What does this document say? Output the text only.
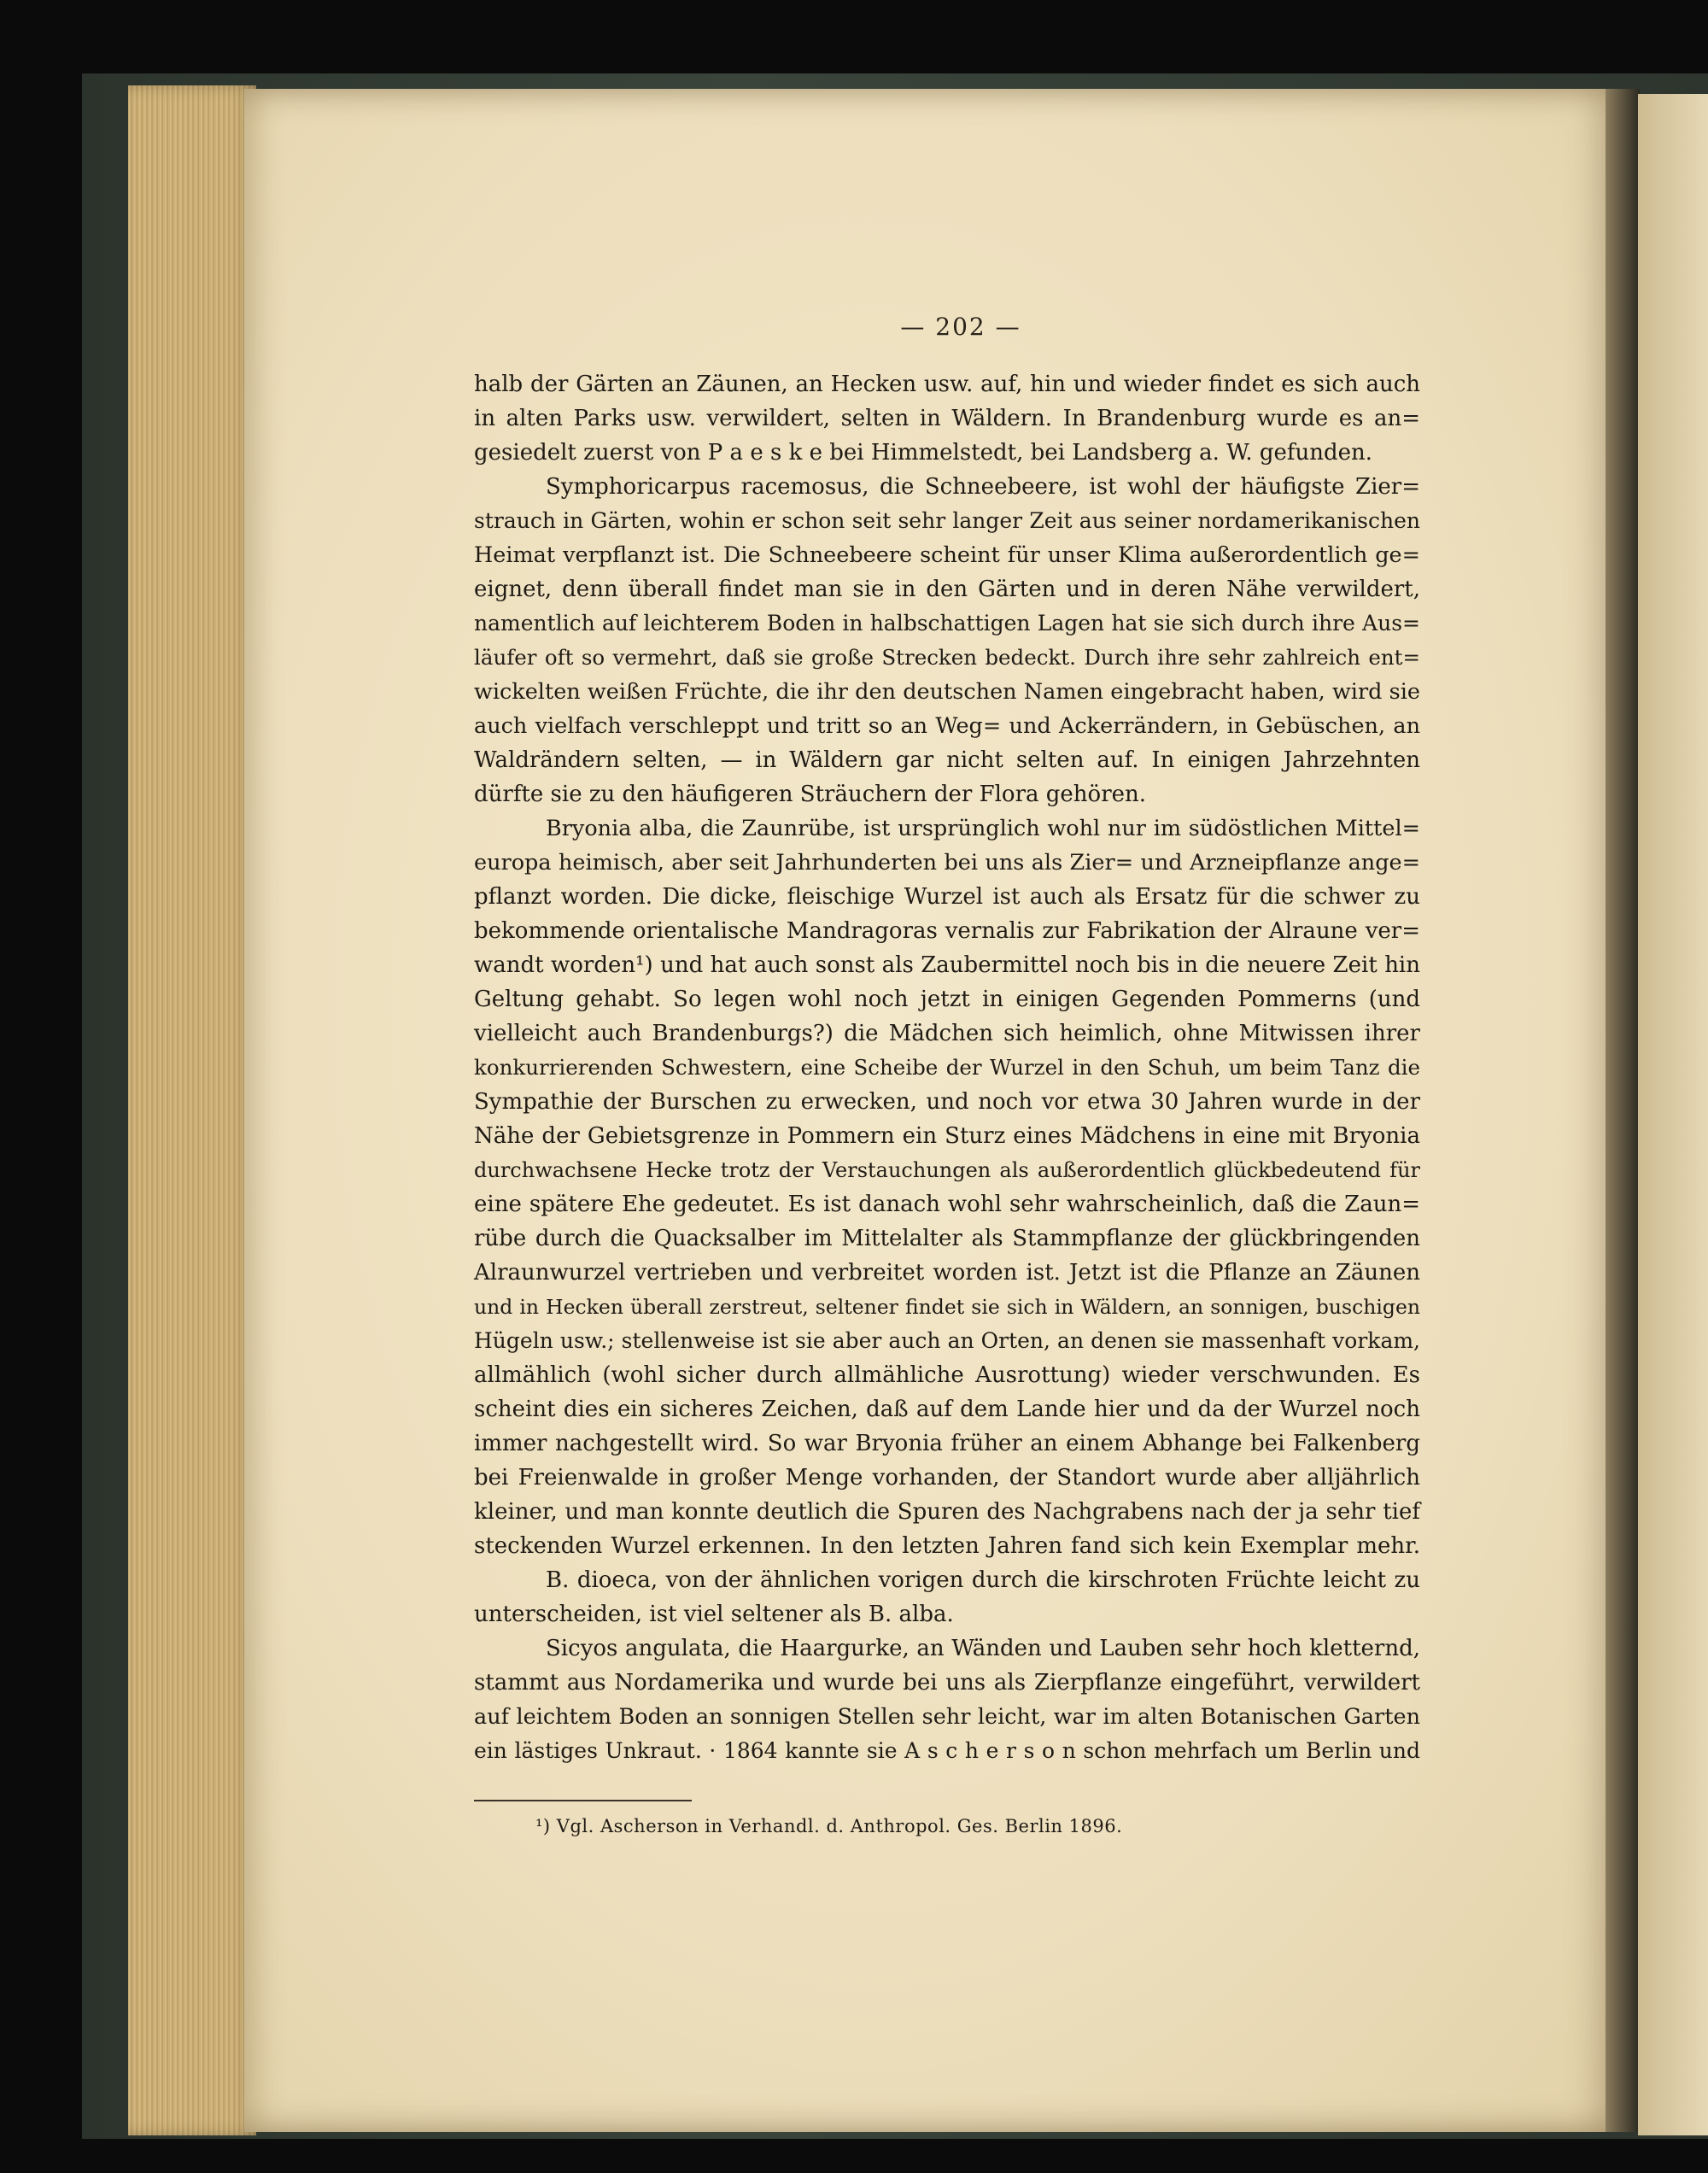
— 202 —
halb der Gärten an Zäunen, an Hecken usw. auf, hin und wieder findet es sich auch
in alten Parks usw. verwildert, selten in Wäldern. In Brandenburg wurde es an=
gesiedelt zuerst von P a e s k e bei Himmelstedt, bei Landsberg a. W. gefunden.
Symphoricarpus racemosus, die Schneebeere, ist wohl der häufigste Zier=
strauch in Gärten, wohin er schon seit sehr langer Zeit aus seiner nordamerikanischen
Heimat verpflanzt ist. Die Schneebeere scheint für unser Klima außerordentlich ge=
eignet, denn überall findet man sie in den Gärten und in deren Nähe verwildert,
namentlich auf leichterem Boden in halbschattigen Lagen hat sie sich durch ihre Aus=
läufer oft so vermehrt, daß sie große Strecken bedeckt. Durch ihre sehr zahlreich ent=
wickelten weißen Früchte, die ihr den deutschen Namen eingebracht haben, wird sie
auch vielfach verschleppt und tritt so an Weg= und Ackerrändern, in Gebüschen, an
Waldrändern selten, — in Wäldern gar nicht selten auf. In einigen Jahrzehnten
dürfte sie zu den häufigeren Sträuchern der Flora gehören.
Bryonia alba, die Zaunrübe, ist ursprünglich wohl nur im südöstlichen Mittel=
europa heimisch, aber seit Jahrhunderten bei uns als Zier= und Arzneipflanze ange=
pflanzt worden. Die dicke, fleischige Wurzel ist auch als Ersatz für die schwer zu
bekommende orientalische Mandragoras vernalis zur Fabrikation der Alraune ver=
wandt worden¹) und hat auch sonst als Zaubermittel noch bis in die neuere Zeit hin
Geltung gehabt. So legen wohl noch jetzt in einigen Gegenden Pommerns (und
vielleicht auch Brandenburgs?) die Mädchen sich heimlich, ohne Mitwissen ihrer
konkurrierenden Schwestern, eine Scheibe der Wurzel in den Schuh, um beim Tanz die
Sympathie der Burschen zu erwecken, und noch vor etwa 30 Jahren wurde in der
Nähe der Gebietsgrenze in Pommern ein Sturz eines Mädchens in eine mit Bryonia
durchwachsene Hecke trotz der Verstauchungen als außerordentlich glückbedeutend für
eine spätere Ehe gedeutet. Es ist danach wohl sehr wahrscheinlich, daß die Zaun=
rübe durch die Quacksalber im Mittelalter als Stammpflanze der glückbringenden
Alraunwurzel vertrieben und verbreitet worden ist. Jetzt ist die Pflanze an Zäunen
und in Hecken überall zerstreut, seltener findet sie sich in Wäldern, an sonnigen, buschigen
Hügeln usw.; stellenweise ist sie aber auch an Orten, an denen sie massenhaft vorkam,
allmählich (wohl sicher durch allmähliche Ausrottung) wieder verschwunden. Es
scheint dies ein sicheres Zeichen, daß auf dem Lande hier und da der Wurzel noch
immer nachgestellt wird. So war Bryonia früher an einem Abhange bei Falkenberg
bei Freienwalde in großer Menge vorhanden, der Standort wurde aber alljährlich
kleiner, und man konnte deutlich die Spuren des Nachgrabens nach der ja sehr tief
steckenden Wurzel erkennen. In den letzten Jahren fand sich kein Exemplar mehr.
B. dioeca, von der ähnlichen vorigen durch die kirschroten Früchte leicht zu
unterscheiden, ist viel seltener als B. alba.
Sicyos angulata, die Haargurke, an Wänden und Lauben sehr hoch kletternd,
stammt aus Nordamerika und wurde bei uns als Zierpflanze eingeführt, verwildert
auf leichtem Boden an sonnigen Stellen sehr leicht, war im alten Botanischen Garten
ein lästiges Unkraut. · 1864 kannte sie A s c h e r s o n schon mehrfach um Berlin und
¹) Vgl. Ascherson in Verhandl. d. Anthropol. Ges. Berlin 1896.
